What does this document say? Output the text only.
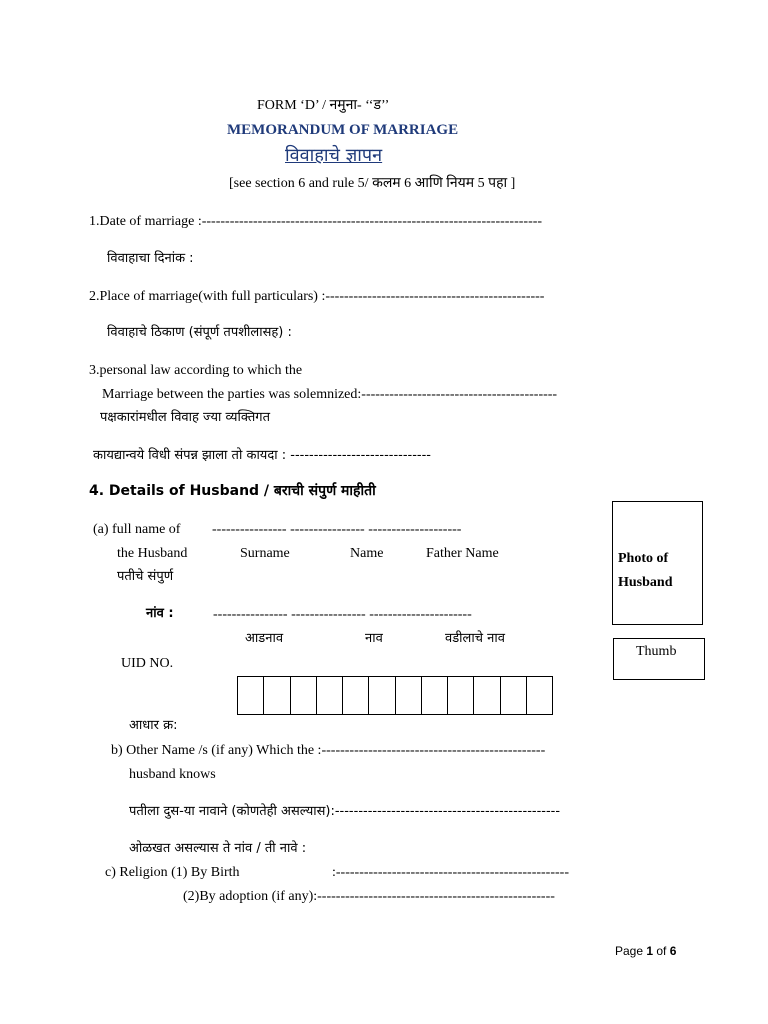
FORM ‘D’ / नमुना- ‘‘ड’’
MEMORANDUM OF MARRIAGE
विवाहाचे ज्ञापन
[see section 6 and rule 5/ कलम 6 आणि नियम 5 पहा ]
1.Date of marriage :-------------------------------------------------------------------------
विवाहाचा दिनांक :
2.Place of marriage(with full particulars) :-----------------------------------------------
विवाहाचे ठिकाण (संपूर्ण तपशीलासह) :
3.personal law according to which the
Marriage between the parties was solemnized:------------------------------------------
पक्षकारांमधील विवाह ज्या व्यक्तिगत
कायद्यान्वये विधी संपन्न झाला तो कायदा : ------------------------------
4. Details of Husband / बराची संपुर्ण माहीती
(a) full name of ---------------- ---------------- --------------------
the Husband	Surname	Name	Father Name
पतीचे संपुर्ण
नांव :	---------------- ---------------- ----------------------
आडनाव	नाव	वडीलाचे नाव
UID NO.
आधार क्र:
b) Other Name /s (if any) Which the :------------------------------------------------
husband knows
पतीला दुस-या नावाने (कोणतेही असल्यास):------------------------------------------------
ओळखत असल्यास ते नांव / ती नावे :
c) Religion (1) By Birth	:--------------------------------------------------
(2)By adoption (if any):---------------------------------------------------
Photo of
Husband
Thumb
Page 1 of 6
